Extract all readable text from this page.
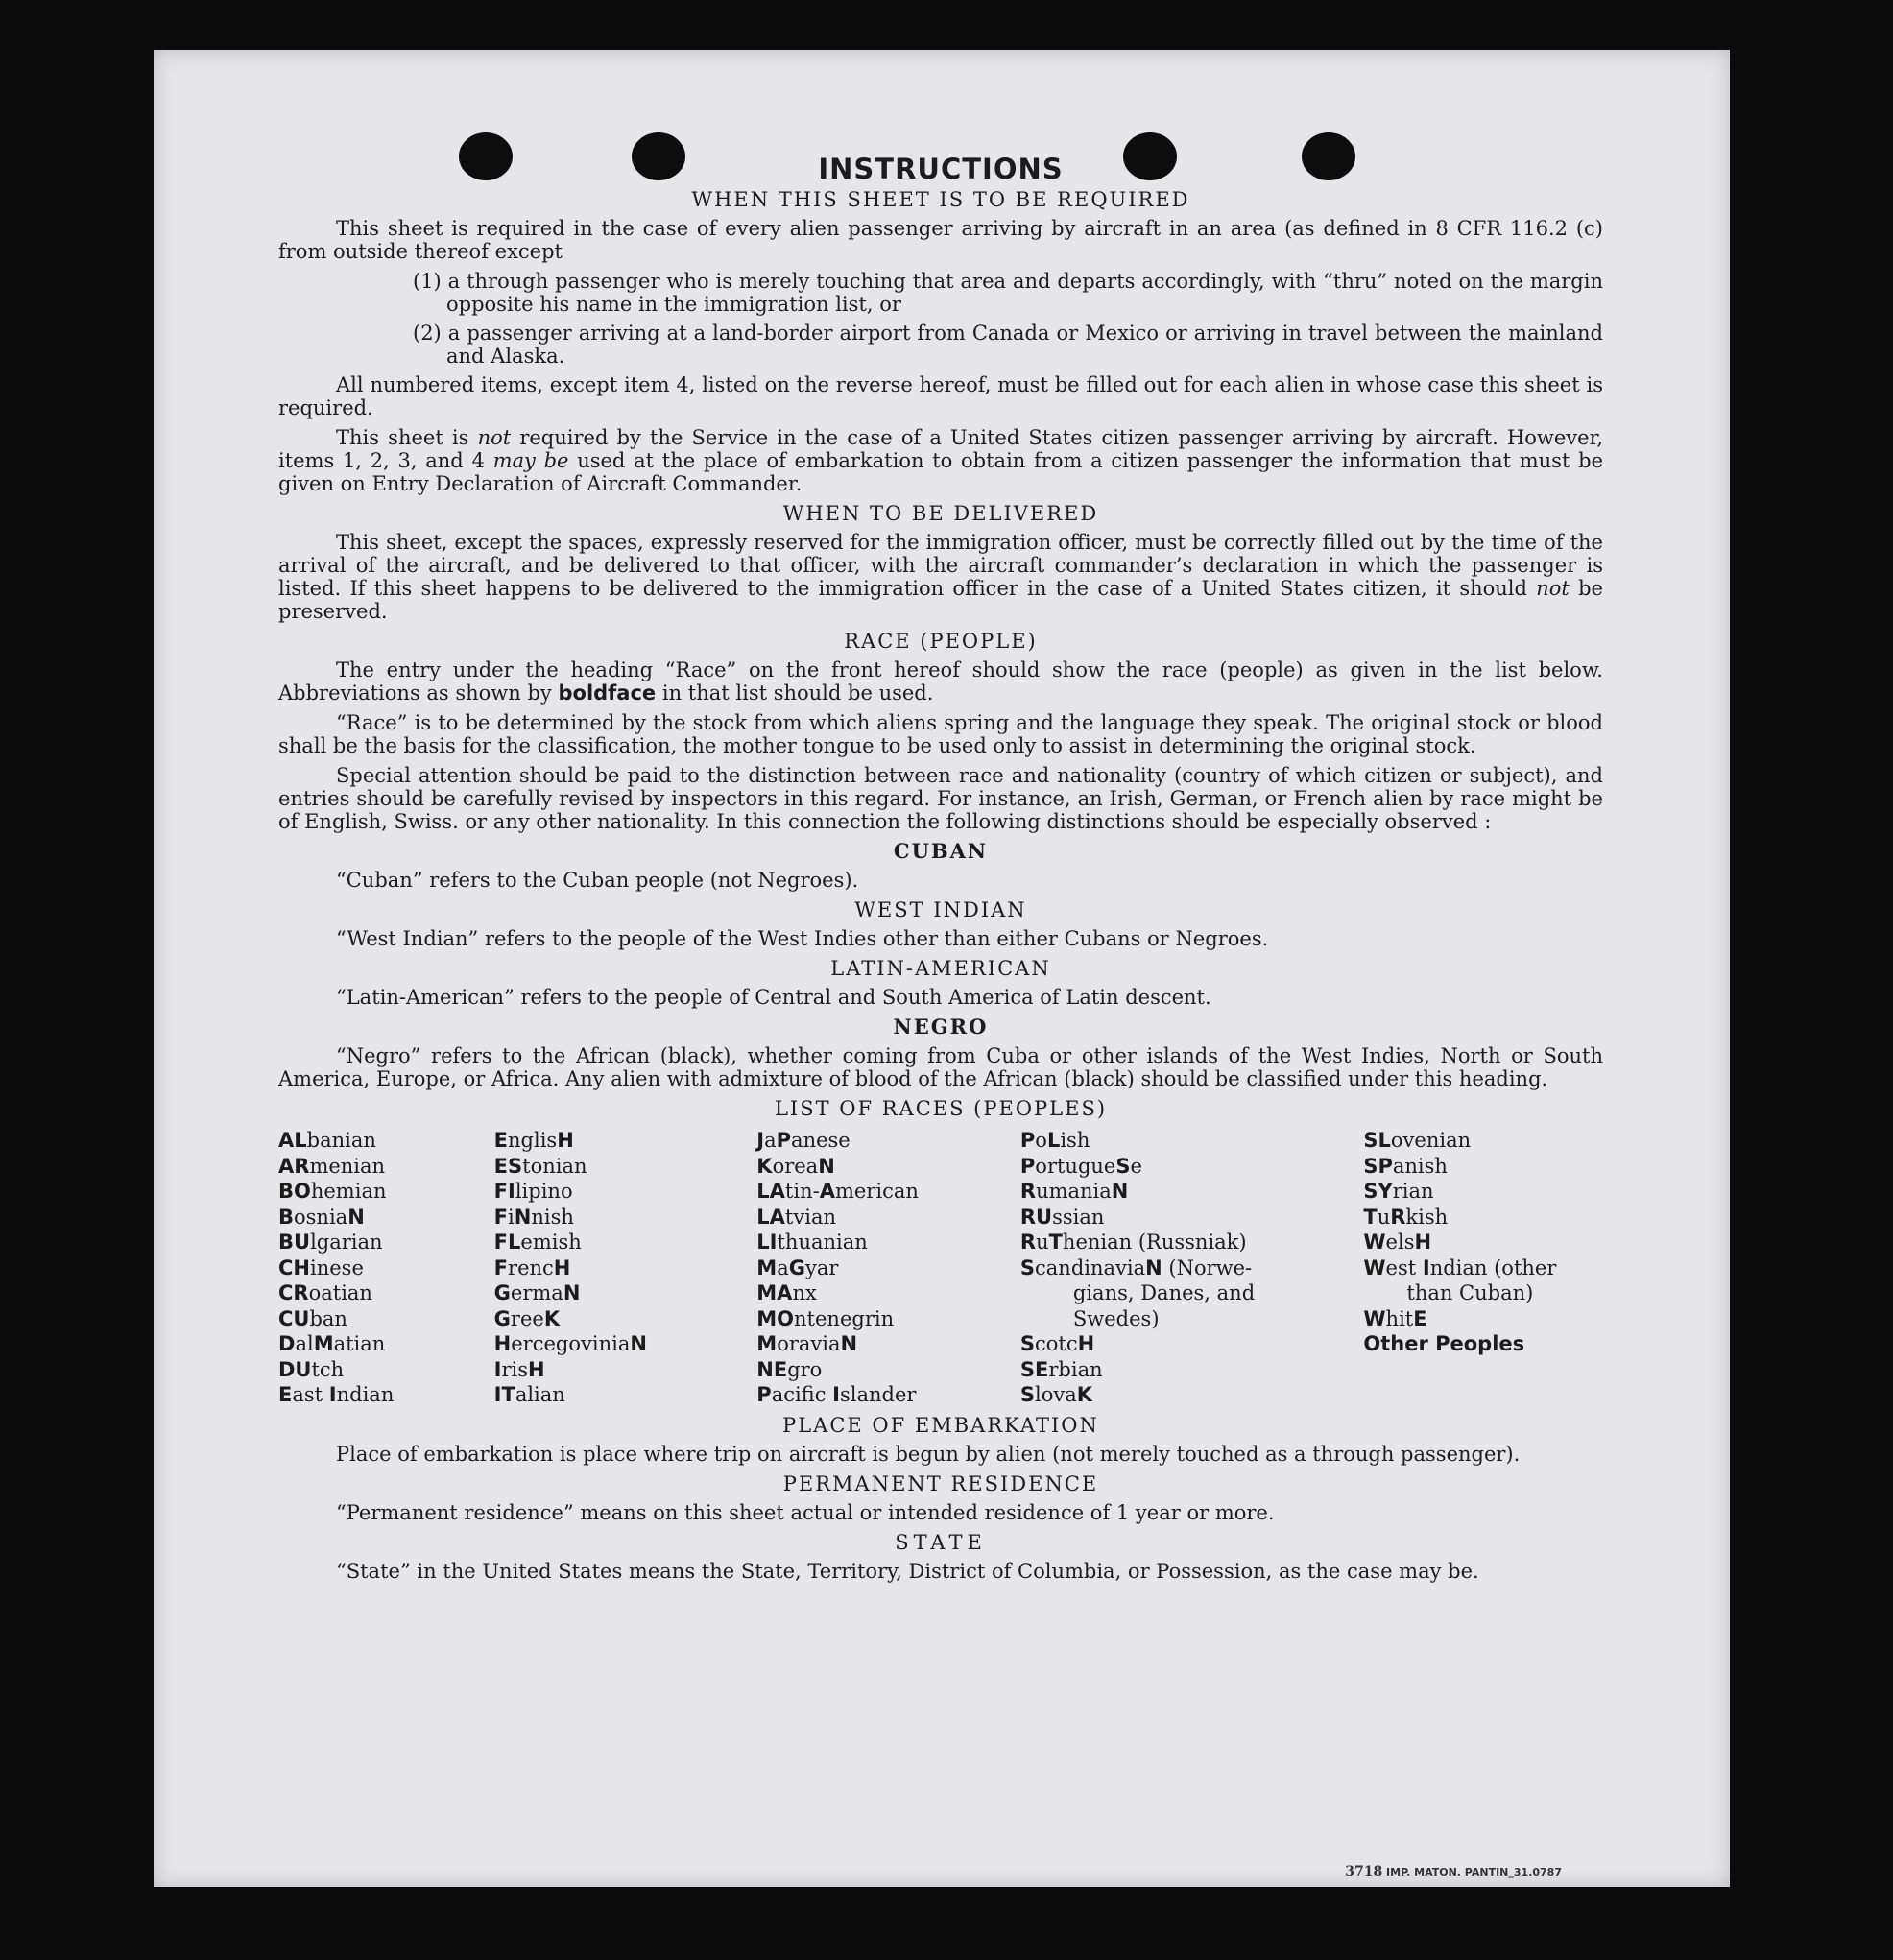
INSTRUCTIONS
WHEN THIS SHEET IS TO BE REQUIRED

This sheet is required in the case of every alien passenger arriving by aircraft in an area (as defined in 8 CFR 116.2 (c) from outside thereof except

(1) a through passenger who is merely touching that area and departs accordingly, with “thru” noted on the margin opposite his name in the immigration list, or
(2) a passenger arriving at a land-border airport from Canada or Mexico or arriving in travel between the mainland and Alaska.

All numbered items, except item 4, listed on the reverse hereof, must be filled out for each alien in whose case this sheet is required.

This sheet is not required by the Service in the case of a United States citizen passenger arriving by aircraft. However, items 1, 2, 3, and 4 may be used at the place of embarkation to obtain from a citizen passenger the information that must be given on Entry Declaration of Aircraft Commander.

WHEN TO BE DELIVERED

This sheet, except the spaces, expressly reserved for the immigration officer, must be correctly filled out by the time of the arrival of the aircraft, and be delivered to that officer, with the aircraft commander’s declaration in which the passenger is listed. If this sheet happens to be delivered to the immigration officer in the case of a United States citizen, it should not be preserved.

RACE (PEOPLE)

The entry under the heading “Race” on the front hereof should show the race (people) as given in the list below. Abbreviations as shown by boldface in that list should be used.

“Race” is to be determined by the stock from which aliens spring and the language they speak. The original stock or blood shall be the basis for the classification, the mother tongue to be used only to assist in determining the original stock.

Special attention should be paid to the distinction between race and nationality (country of which citizen or subject), and entries should be carefully revised by inspectors in this regard. For instance, an Irish, German, or French alien by race might be of English, Swiss. or any other nationality. In this connection the following distinctions should be especially observed :

CUBAN

“Cuban” refers to the Cuban people (not Negroes).

WEST INDIAN

“West Indian” refers to the people of the West Indies other than either Cubans or Negroes.

LATIN-AMERICAN

“Latin-American” refers to the people of Central and South America of Latin descent.

NEGRO

“Negro” refers to the African (black), whether coming from Cuba or other islands of the West Indies, North or South America, Europe, or Africa. Any alien with admixture of blood of the African (black) should be classified under this heading.

LIST OF RACES (PEOPLES)
ALbanian
ARmenian
BOhemian
BosniaN
BUlgarian
CHinese
CRoatian
CUban
DalMatian
DUtch
East Indian
EnglisH
EStonian
FIlipino
FiNnish
FLemish
FrencH
GermaN
GreeK
HercegoviniaN
IrisH
ITalian
JaPanese
KoreaN
LAtin-American
LAtvian
LIthuanian
MaGyar
MAnx
MOntenegrin
MoraviaN
NEgro
Pacific Islander
PoLish
PortugueSe
RumaniaN
RUssian
RuThenian (Russniak)
ScandinaviaN (Norwe-
gians, Danes, and
Swedes)
ScotcH
SErbian
SlovaK
SLovenian
SPanish
SYrian
TuRkish
WelsH
West Indian (other
than Cuban)
WhitE
Other Peoples
PLACE OF EMBARKATION

Place of embarkation is place where trip on aircraft is begun by alien (not merely touched as a through passenger).

PERMANENT RESIDENCE

“Permanent residence” means on this sheet actual or intended residence of 1 year or more.

STATE

“State” in the United States means the State, Territory, District of Columbia, or Possession, as the case may be.

3718 IMP. MATON. PANTIN_31.0787
